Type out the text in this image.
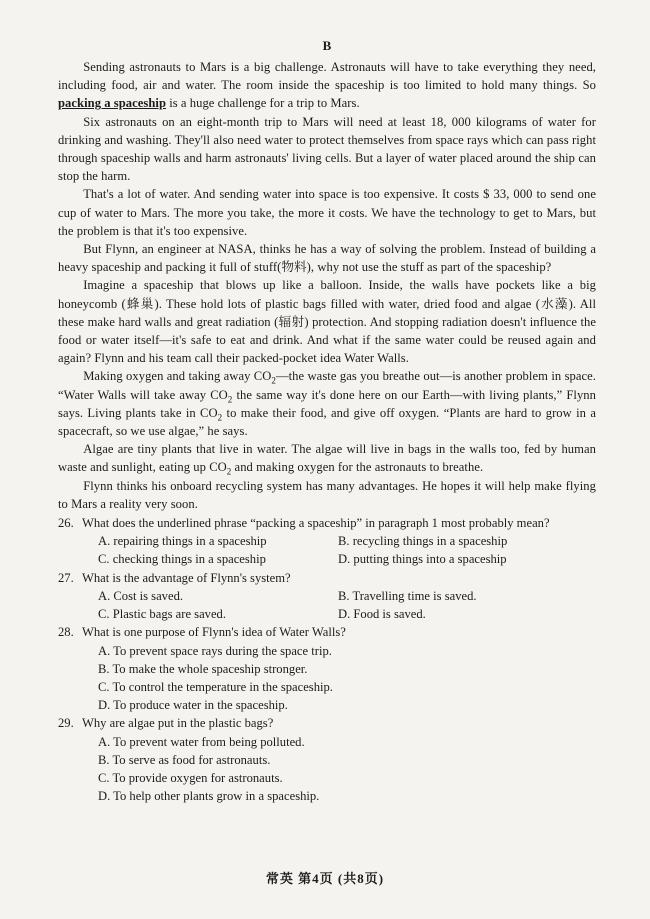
B

Sending astronauts to Mars is a big challenge. Astronauts will have to take everything they need, including food, air and water. The room inside the spaceship is too limited to hold many things. So packing a spaceship is a huge challenge for a trip to Mars.

Six astronauts on an eight-month trip to Mars will need at least 18, 000 kilograms of water for drinking and washing. They'll also need water to protect themselves from space rays which can pass right through spaceship walls and harm astronauts' living cells. But a layer of water placed around the ship can stop the harm.

That's a lot of water. And sending water into space is too expensive. It costs $ 33, 000 to send one cup of water to Mars. The more you take, the more it costs. We have the technology to get to Mars, but the problem is that it's too expensive.

But Flynn, an engineer at NASA, thinks he has a way of solving the problem. Instead of building a heavy spaceship and packing it full of stuff(物料), why not use the stuff as part of the spaceship?

Imagine a spaceship that blows up like a balloon. Inside, the walls have pockets like a big honeycomb (蜂巢). These hold lots of plastic bags filled with water, dried food and algae (水藻). All these make hard walls and great radiation (辐射) protection. And stopping radiation doesn't influence the food or water itself—it's safe to eat and drink. And what if the same water could be reused again and again? Flynn and his team call their packed-pocket idea Water Walls.

Making oxygen and taking away $CO_2—the$ waste gas you breathe out—is another problem in space. “Water Walls will take away $CO_2$ the same way it's done here on our Earth—with living plants,” Flynn says. Living plants take in $CO_2$ to make their food, and give off oxygen. “Plants are hard to grow in a spacecraft, so we use algae,” he says.

Algae are tiny plants that live in water. The algae will live in bags in the walls too, fed by human waste and sunlight, eating up $CO_2$ and making oxygen for the astronauts to breathe.

Flynn thinks his onboard recycling system has many advantages. He hopes it will help make flying to Mars a reality very soon.

26. What does the underlined phrase “packing a spaceship” in paragraph 1 most probably mean?

A. repairing things in a spaceship	B. recycling things in a spaceship
C. checking things in a spaceship	D. putting things into a spaceship

27. What is the advantage of Flynn's system?

A. Cost is saved.	B. Travelling time is saved.
C. Plastic bags are saved.	D. Food is saved.

28. What is one purpose of Flynn's idea of Water Walls?

A. To prevent space rays during the space trip.
B. To make the whole spaceship stronger.
C. To control the temperature in the spaceship.
D. To produce water in the spaceship.

29. Why are algae put in the plastic bags?

A. To prevent water from being polluted.
B. To serve as food for astronauts.
C. To provide oxygen for astronauts.
D. To help other plants grow in a spaceship.
常英 第4页 (共8页)
